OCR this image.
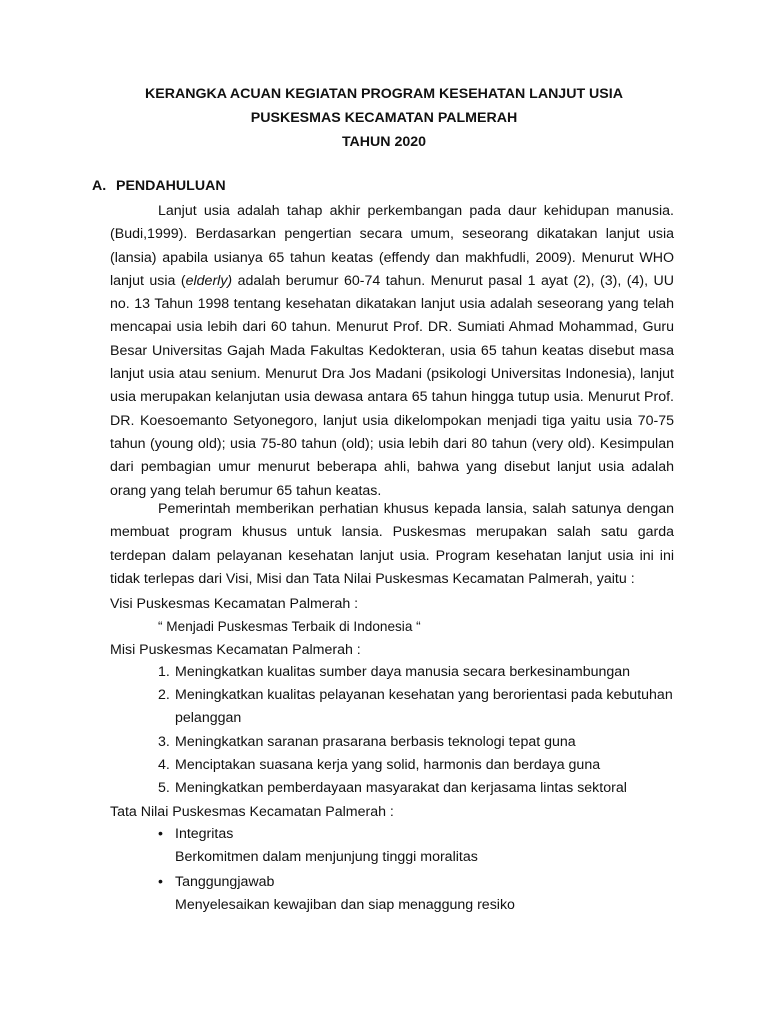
KERANGKA ACUAN KEGIATAN PROGRAM KESEHATAN LANJUT USIA
PUSKESMAS KECAMATAN PALMERAH
TAHUN 2020
A. PENDAHULUAN

Lanjut usia adalah tahap akhir perkembangan pada daur kehidupan manusia. (Budi,1999). Berdasarkan pengertian secara umum, seseorang dikatakan lanjut usia (lansia) apabila usianya 65 tahun keatas (effendy dan makhfudli, 2009). Menurut WHO lanjut usia (elderly) adalah berumur 60-74 tahun. Menurut pasal 1 ayat (2), (3), (4), UU no. 13 Tahun 1998 tentang kesehatan dikatakan lanjut usia adalah seseorang yang telah mencapai usia lebih dari 60 tahun. Menurut Prof. DR. Sumiati Ahmad Mohammad, Guru Besar Universitas Gajah Mada Fakultas Kedokteran, usia 65 tahun keatas disebut masa lanjut usia atau senium. Menurut Dra Jos Madani (psikologi Universitas Indonesia), lanjut usia merupakan kelanjutan usia dewasa antara 65 tahun hingga tutup usia. Menurut Prof. DR. Koesoemanto Setyonegoro, lanjut usia dikelompokan menjadi tiga yaitu usia 70-75 tahun (young old); usia 75-80 tahun (old); usia lebih dari 80 tahun (very old). Kesimpulan dari pembagian umur menurut beberapa ahli, bahwa yang disebut lanjut usia adalah orang yang telah berumur 65 tahun keatas.

Pemerintah memberikan perhatian khusus kepada lansia, salah satunya dengan membuat program khusus untuk lansia. Puskesmas merupakan salah satu garda terdepan dalam pelayanan kesehatan lanjut usia. Program kesehatan lanjut usia ini ini tidak terlepas dari Visi, Misi dan Tata Nilai Puskesmas Kecamatan Palmerah, yaitu :

Visi Puskesmas Kecamatan Palmerah :
“ Menjadi Puskesmas Terbaik di Indonesia “
Misi Puskesmas Kecamatan Palmerah :
1. Meningkatkan kualitas sumber daya manusia secara berkesinambungan
2. Meningkatkan kualitas pelayanan kesehatan yang berorientasi pada kebutuhan pelanggan
3. Meningkatkan saranan prasarana berbasis teknologi tepat guna
4. Menciptakan suasana kerja yang solid, harmonis dan berdaya guna
5. Meningkatkan pemberdayaan masyarakat dan kerjasama lintas sektoral
Tata Nilai Puskesmas Kecamatan Palmerah :
• Integritas
Berkomitmen dalam menjunjung tinggi moralitas
• Tanggungjawab
Menyelesaikan kewajiban dan siap menaggung resiko
